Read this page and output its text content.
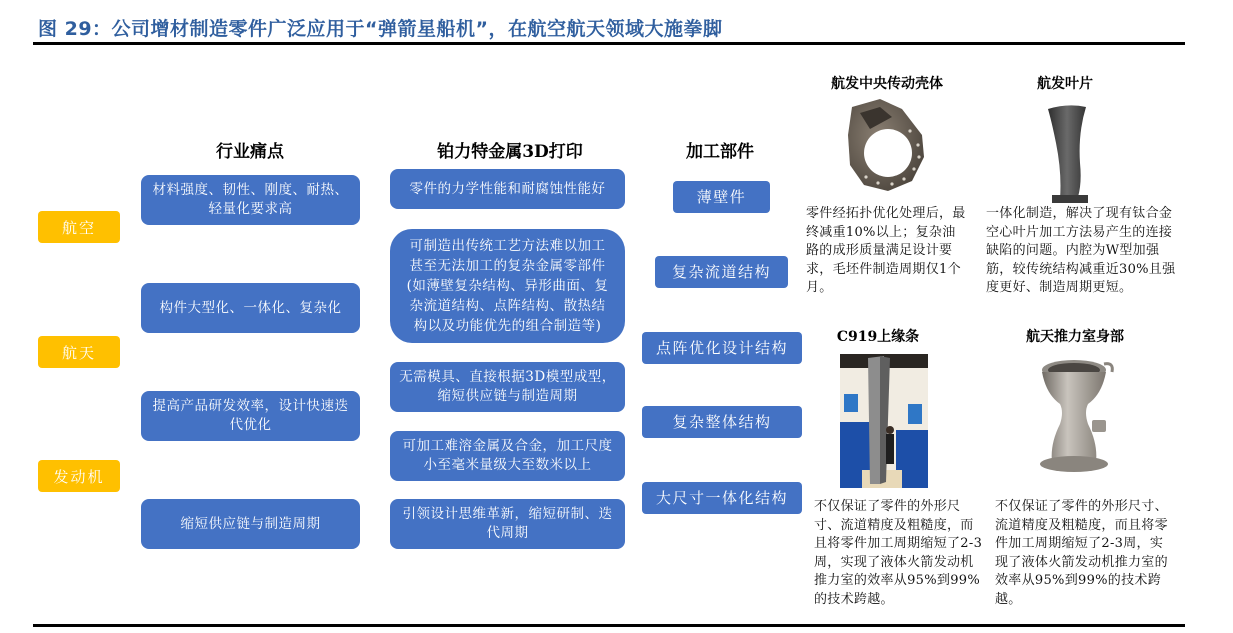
图 29：公司增材制造零件广泛应用于“弹箭星船机”，在航空航天领域大施拳脚
行业痛点	铂力特金属3D打印	加工部件
航空
航天
发动机
材料强度、韧性、刚度、耐热、轻量化要求高
构件大型化、一体化、复杂化
提高产品研发效率，设计快速迭代优化
缩短供应链与制造周期
零件的力学性能和耐腐蚀性能好
可制造出传统工艺方法难以加工甚至无法加工的复杂金属零部件(如薄壁复杂结构、异形曲面、复杂流道结构、点阵结构、散热结构以及功能优先的组合制造等)
无需模具、直接根据3D模型成型，缩短供应链与制造周期
可加工难溶金属及合金，加工尺度小至毫米量级大至数米以上
引领设计思维革新，缩短研制、迭代周期
薄壁件
复杂流道结构
点阵优化设计结构
复杂整体结构
大尺寸一体化结构
航发中央传动壳体
零件经拓扑优化处理后，最终减重10%以上；复杂油路的成形质量满足设计要求，毛坯件制造周期仅1个月。
航发叶片
一体化制造，解决了现有钛合金空心叶片加工方法易产生的连接缺陷的问题。内腔为W型加强筋，较传统结构减重近30%且强度更好、制造周期更短。
C919上缘条
不仅保证了零件的外形尺寸、流道精度及粗糙度，而且将零件加工周期缩短了2-3周，实现了液体火箭发动机推力室的效率从95%到99%的技术跨越。
航天推力室身部
不仅保证了零件的外形尺寸、流道精度及粗糙度，而且将零件加工周期缩短了2-3周，实现了液体火箭发动机推力室的效率从95%到99%的技术跨越。
